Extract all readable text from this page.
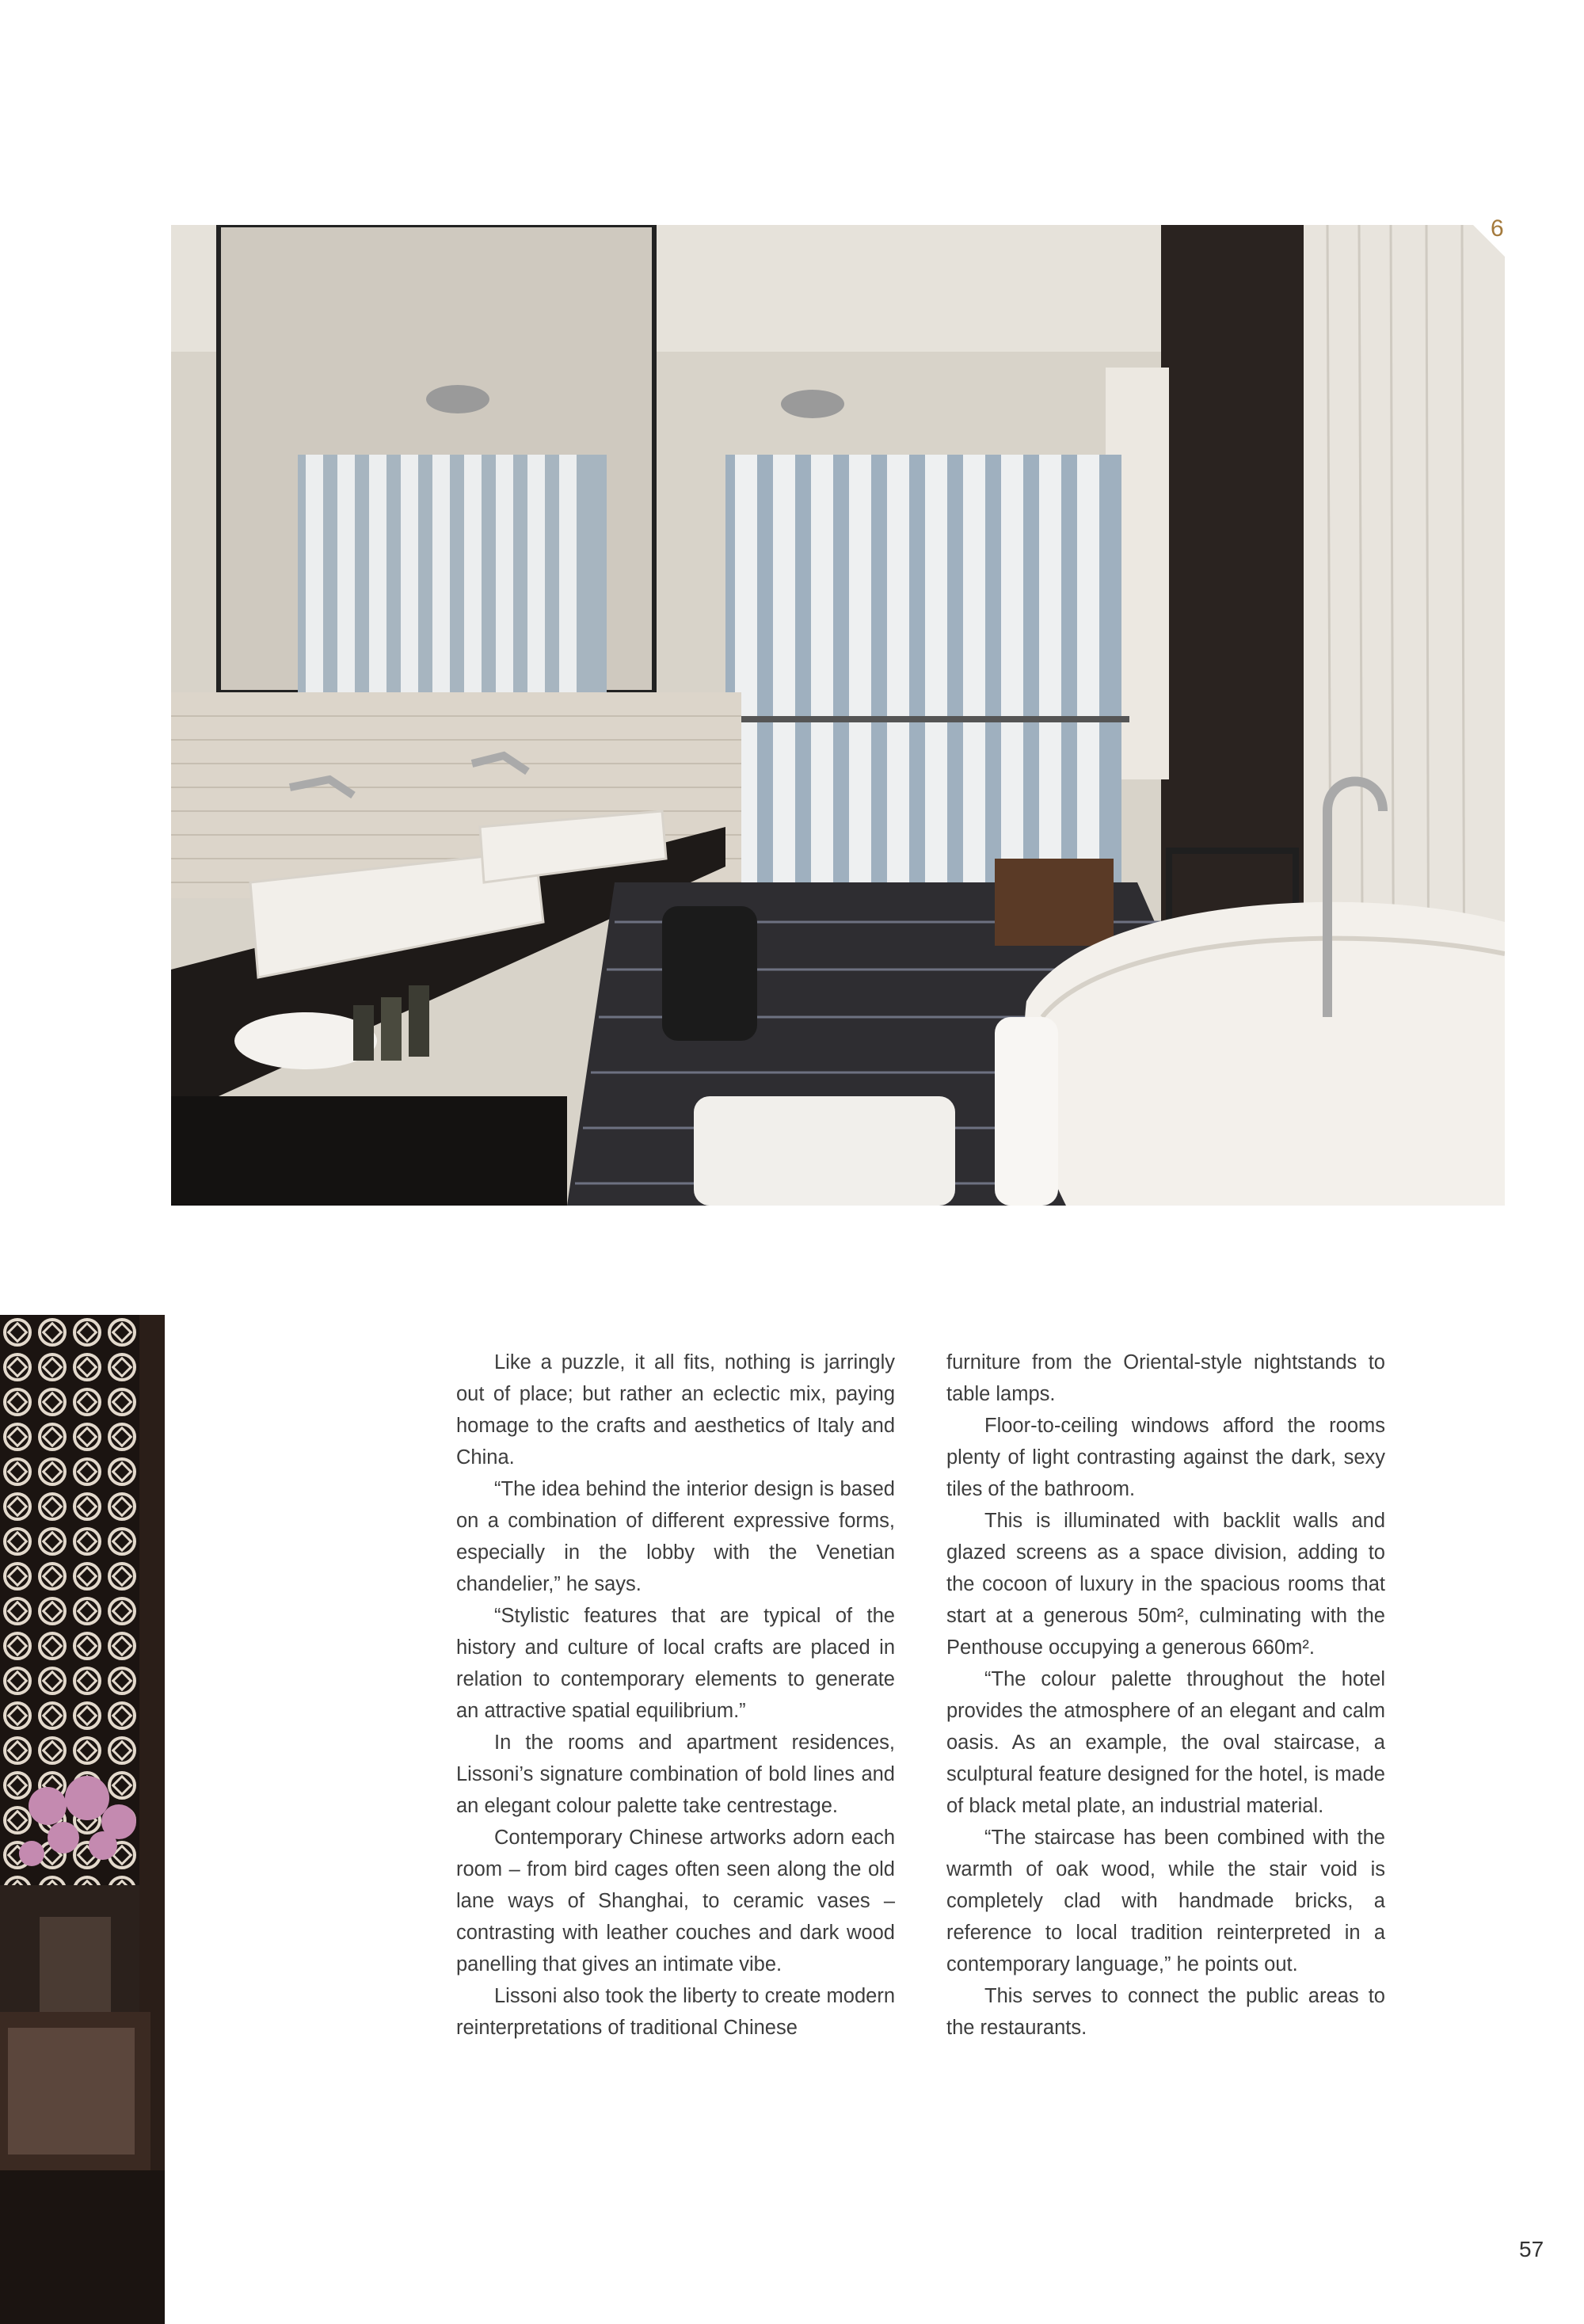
6

Like a puzzle, it all fits, nothing is jarringly out of place; but rather an eclectic mix, paying homage to the crafts and aesthetics of Italy and China.

“The idea behind the interior design is based on a combination of different expressive forms, especially in the lobby with the Venetian chandelier,” he says.

“Stylistic features that are typical of the history and culture of local crafts are placed in relation to contemporary elements to generate an attractive spatial equilibrium.”

In the rooms and apartment residences, Lissoni’s signature combination of bold lines and an elegant colour palette take centrestage.

Contemporary Chinese artworks adorn each room – from bird cages often seen along the old lane ways of Shanghai, to ceramic vases – contrasting with leather couches and dark wood panelling that gives an intimate vibe.

Lissoni also took the liberty to create modern reinterpretations of traditional Chinese

furniture from the Oriental-style nightstands to table lamps.

Floor-to-ceiling windows afford the rooms plenty of light contrasting against the dark, sexy tiles of the bathroom.

This is illuminated with backlit walls and glazed screens as a space division, adding to the cocoon of luxury in the spacious rooms that start at a generous 50m², culminating with the Penthouse occupying a generous 660m².

“The colour palette throughout the hotel provides the atmosphere of an elegant and calm oasis. As an example, the oval staircase, a sculptural feature designed for the hotel, is made of black metal plate, an industrial material.

“The staircase has been combined with the warmth of oak wood, while the stair void is completely clad with handmade bricks, a reference to local tradition reinterpreted in a contemporary language,” he points out.

This serves to connect the public areas to the restaurants.

57
